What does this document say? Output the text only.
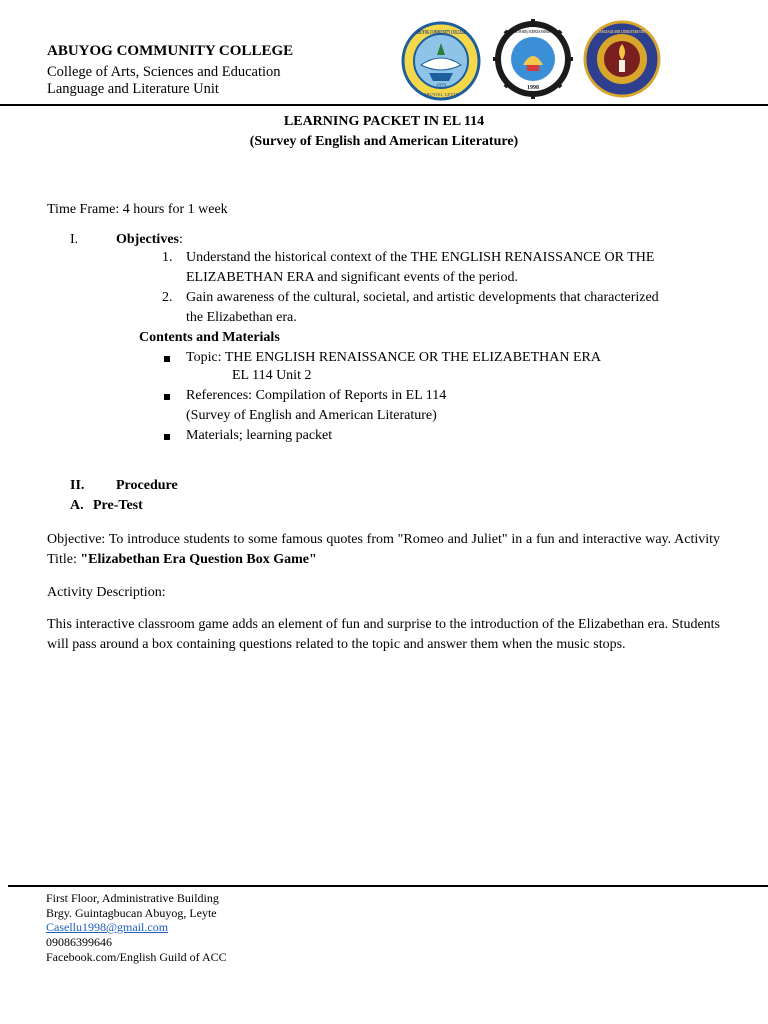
ABUYOG COMMUNITY COLLEGE
College of Arts, Sciences and Education
Language and Literature Unit
ABUYOG COMMUNITY COLLEGE
1979
ABUYOG, LEYTE
COLLEGE OF ARTS, SCIENCES AND EDUCATION
1998
LANGUAGE AND LITERATURE UNIT
LEARNING PACKET IN EL 114
(Survey of English and American Literature)
Time Frame: 4 hours for 1 week
I.	Objectives:
1. Understand the historical context of the THE ENGLISH RENAISSANCE OR THE
ELIZABETHAN ERA and significant events of the period.
2. Gain awareness of the cultural, societal, and artistic developments that characterized
the Elizabethan era.
Contents and Materials
Topic: THE ENGLISH RENAISSANCE OR THE ELIZABETHAN ERA
EL 114 Unit 2
References: Compilation of Reports in EL 114
(Survey of English and American Literature)
Materials; learning packet
II. Procedure
A. Pre-Test
Objective: To introduce students to some famous quotes from "Romeo and Juliet" in a fun and interactive way. Activity Title: "Elizabethan Era Question Box Game"
Activity Description:
This interactive classroom game adds an element of fun and surprise to the introduction of the Elizabethan era. Students will pass around a box containing questions related to the topic and answer them when the music stops.
First Floor, Administrative Building
Brgy. Guintagbucan Abuyog, Leyte
Casellu1998@gmail.com
09086399646
Facebook.com/English Guild of ACC
